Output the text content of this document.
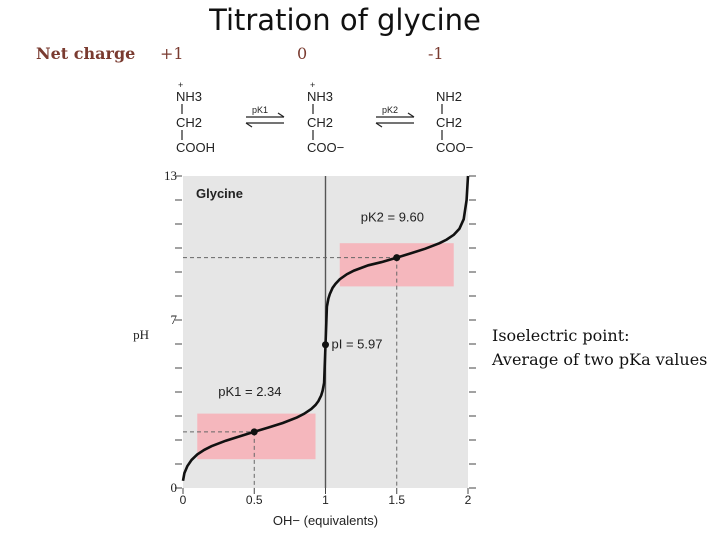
Titration of glycine
Net charge +1	0	-1
+
NH3
CH2
COOH
+
NH3
CH2
COO−
NH2
CH2
COO−
pK1	pK2
0
7
13
0	0.5	1	1.5	2
pK1 = 2.34
pI = 5.97
pK2 = 9.60
Glycine
OH− (equivalents)
pH	Isoelectric point:
Average of two pKa values
